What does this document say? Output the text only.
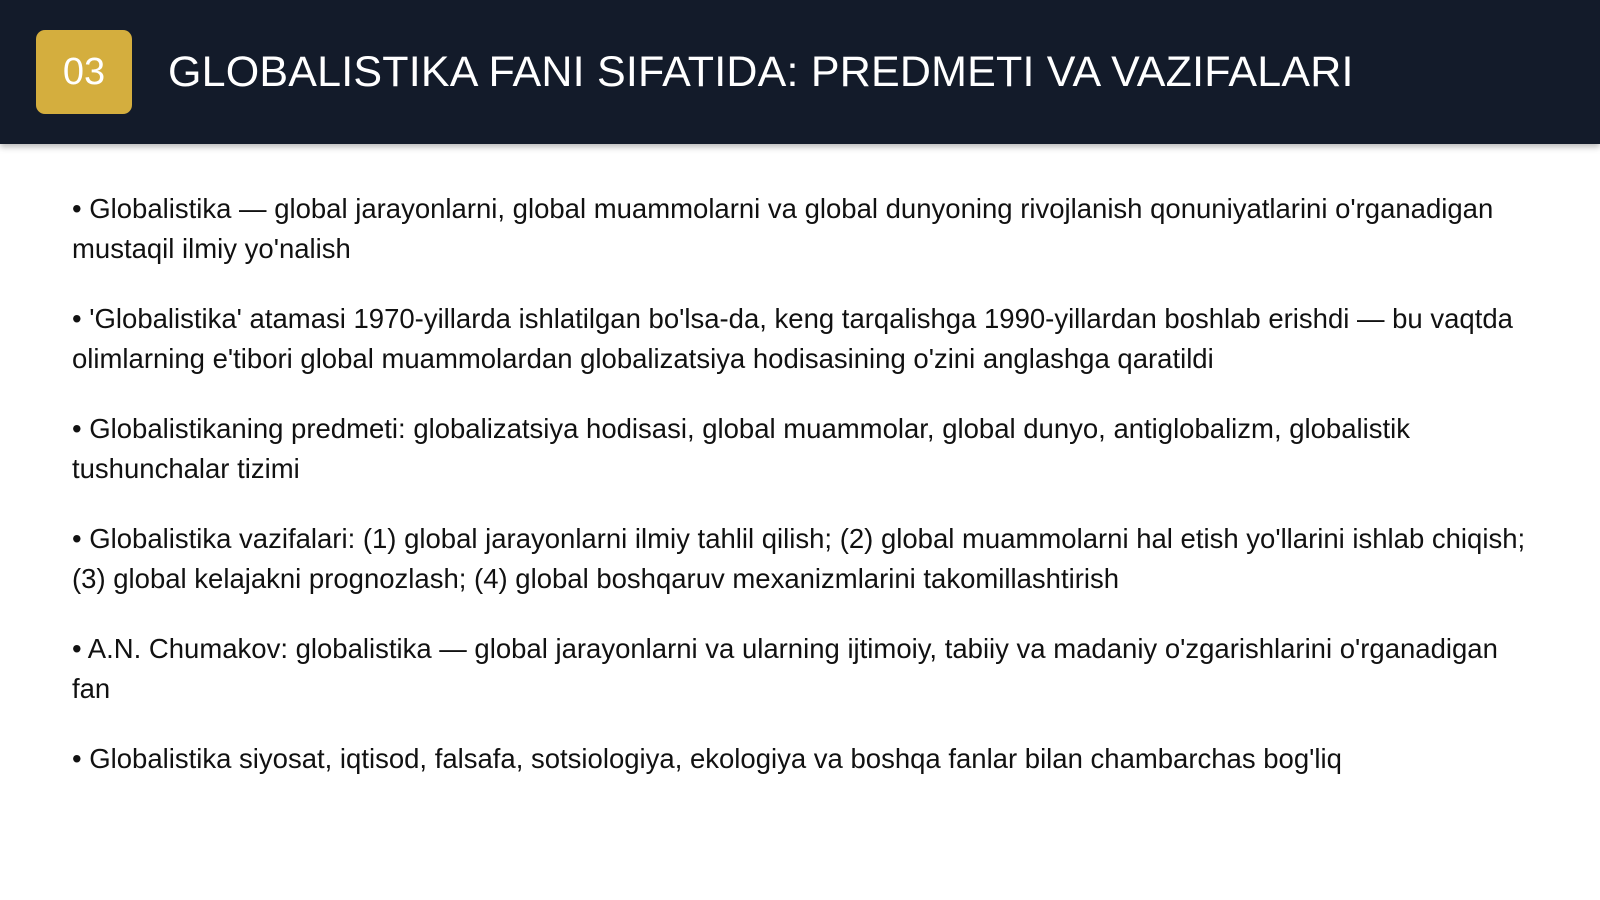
03	GLOBALISTIKA FANI SIFATIDA: PREDMETI VA VAZIFALARI
• Globalistika — global jarayonlarni, global muammolarni va global dunyoning rivojlanish qonuniyatlarini o'rganadigan mustaqil ilmiy yo'nalish
• 'Globalistika' atamasi 1970-yillarda ishlatilgan bo'lsa-da, keng tarqalishga 1990-yillardan boshlab erishdi — bu vaqtda olimlarning e'tibori global muammolardan globalizatsiya hodisasining o'zini anglashga qaratildi
• Globalistikaning predmeti: globalizatsiya hodisasi, global muammolar, global dunyo, antiglobalizm, globalistik tushunchalar tizimi
• Globalistika vazifalari: (1) global jarayonlarni ilmiy tahlil qilish; (2) global muammolarni hal etish yo'llarini ishlab chiqish; (3) global kelajakni prognozlash; (4) global boshqaruv mexanizmlarini takomillashtirish
• A.N. Chumakov: globalistika — global jarayonlarni va ularning ijtimoiy, tabiiy va madaniy o'zgarishlarini o'rganadigan fan
• Globalistika siyosat, iqtisod, falsafa, sotsiologiya, ekologiya va boshqa fanlar bilan chambarchas bog'liq
